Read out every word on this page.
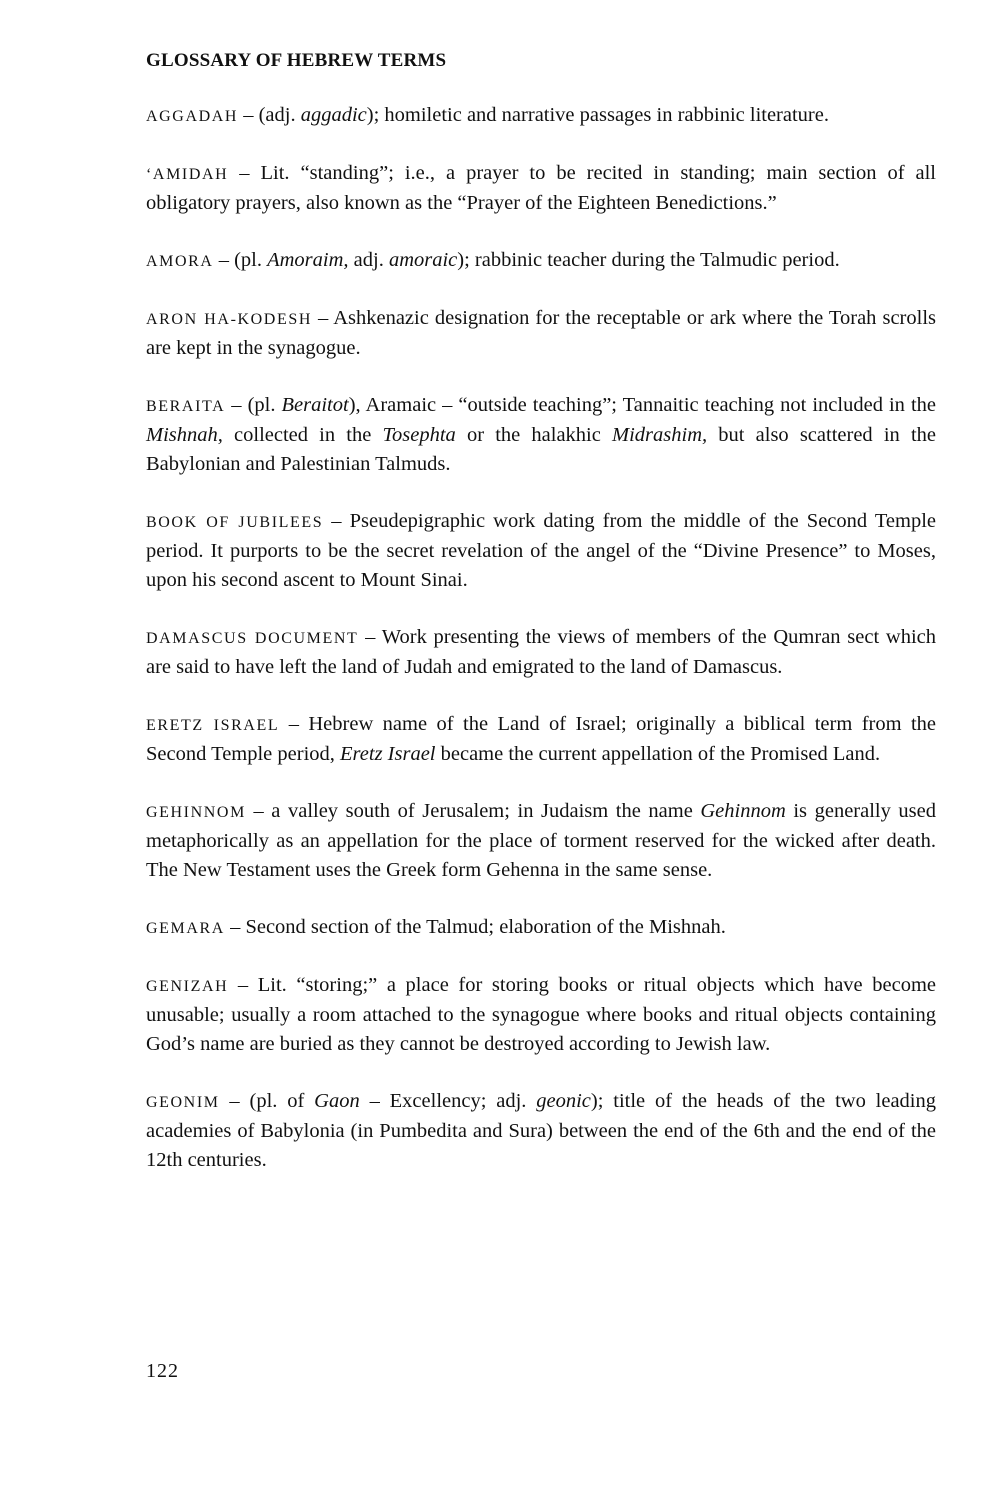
GLOSSARY OF HEBREW TERMS

AGGADAH – (adj. aggadic); homiletic and narrative passages in rabbinic literature.

‘AMIDAH – Lit. “standing”; i.e., a prayer to be recited in standing; main section of all obligatory prayers, also known as the “Prayer of the Eighteen Benedictions.”

AMORA – (pl. Amoraim, adj. amoraic); rabbinic teacher during the Talmudic period.

ARON HA-KODESH – Ashkenazic designation for the receptable or ark where the Torah scrolls are kept in the synagogue.

BERAITA – (pl. Beraitot), Aramaic – “outside teaching”; Tannaitic teaching not included in the Mishnah, collected in the Tosephta or the halakhic Midrashim, but also scattered in the Babylonian and Palestinian Talmuds.

BOOK OF JUBILEES – Pseudepigraphic work dating from the middle of the Second Temple period. It purports to be the secret revelation of the angel of the “Divine Presence” to Moses, upon his second ascent to Mount Sinai.

DAMASCUS DOCUMENT – Work presenting the views of members of the Qumran sect which are said to have left the land of Judah and emigrated to the land of Damascus.

ERETZ ISRAEL – Hebrew name of the Land of Israel; originally a biblical term from the Second Temple period, Eretz Israel became the current appellation of the Promised Land.

GEHINNOM – a valley south of Jerusalem; in Judaism the name Gehinnom is generally used metaphorically as an appellation for the place of torment reserved for the wicked after death. The New Testament uses the Greek form Gehenna in the same sense.

GEMARA – Second section of the Talmud; elaboration of the Mishnah.

GENIZAH – Lit. “storing;” a place for storing books or ritual objects which have become unusable; usually a room attached to the synagogue where books and ritual objects containing God’s name are buried as they cannot be destroyed according to Jewish law.

GEONIM – (pl. of Gaon – Excellency; adj. geonic); title of the heads of the two leading academies of Babylonia (in Pumbedita and Sura) between the end of the 6th and the end of the 12th centuries.

122
